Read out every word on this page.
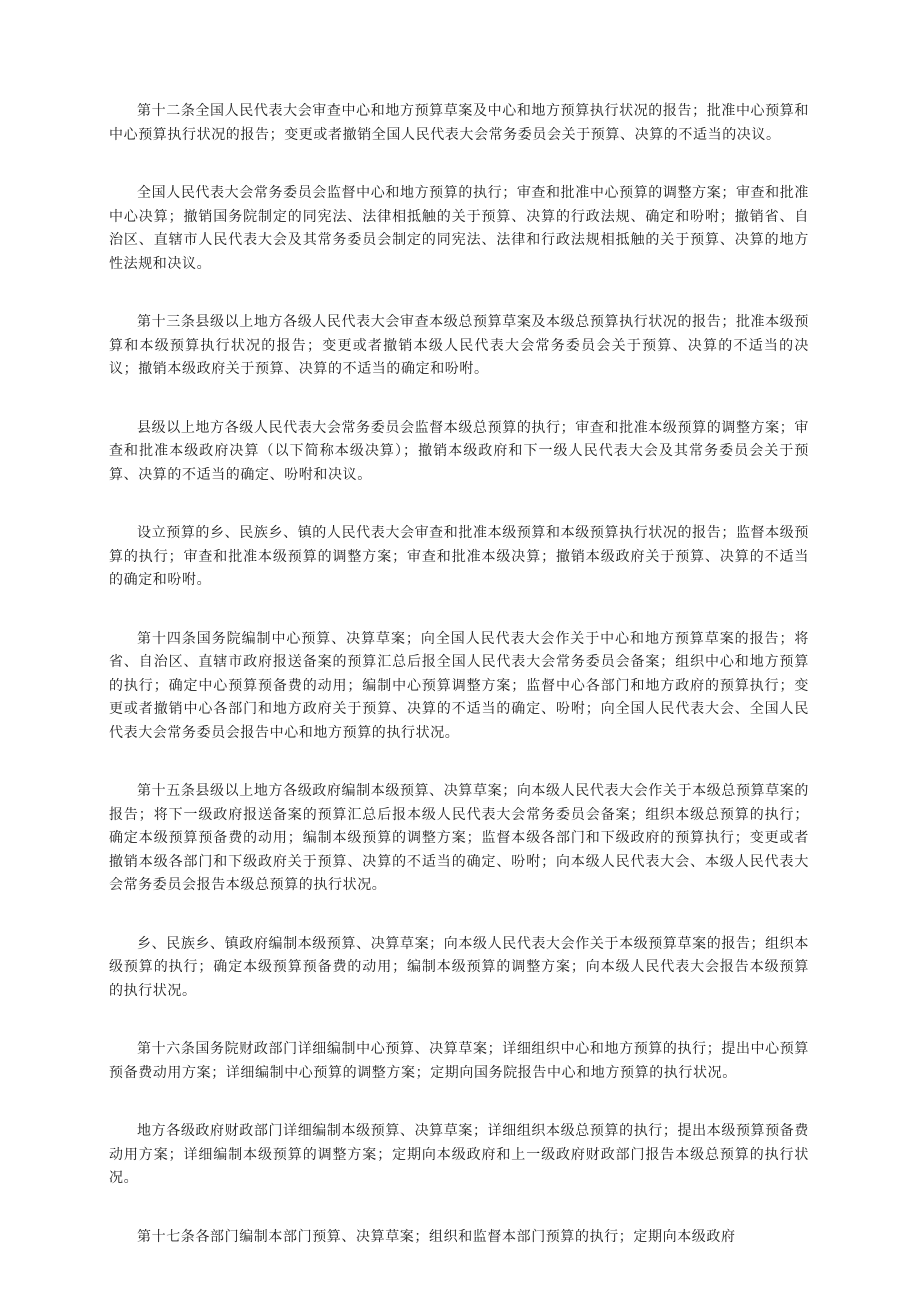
第十二条全国人民代表大会审查中心和地方预算草案及中心和地方预算执行状况的报告；批准中心预算和中心预算执行状况的报告；变更或者撤销全国人民代表大会常务委员会关于预算、决算的不适当的决议。

全国人民代表大会常务委员会监督中心和地方预算的执行；审查和批准中心预算的调整方案；审查和批准中心决算；撤销国务院制定的同宪法、法律相抵触的关于预算、决算的行政法规、确定和吩咐；撤销省、自治区、直辖市人民代表大会及其常务委员会制定的同宪法、法律和行政法规相抵触的关于预算、决算的地方性法规和决议。

第十三条县级以上地方各级人民代表大会审查本级总预算草案及本级总预算执行状况的报告；批准本级预算和本级预算执行状况的报告；变更或者撤销本级人民代表大会常务委员会关于预算、决算的不适当的决议；撤销本级政府关于预算、决算的不适当的确定和吩咐。

县级以上地方各级人民代表大会常务委员会监督本级总预算的执行；审查和批准本级预算的调整方案；审查和批准本级政府决算（以下简称本级决算）；撤销本级政府和下一级人民代表大会及其常务委员会关于预算、决算的不适当的确定、吩咐和决议。

设立预算的乡、民族乡、镇的人民代表大会审查和批准本级预算和本级预算执行状况的报告；监督本级预算的执行；审查和批准本级预算的调整方案；审查和批准本级决算；撤销本级政府关于预算、决算的不适当的确定和吩咐。

第十四条国务院编制中心预算、决算草案；向全国人民代表大会作关于中心和地方预算草案的报告；将省、自治区、直辖市政府报送备案的预算汇总后报全国人民代表大会常务委员会备案；组织中心和地方预算的执行；确定中心预算预备费的动用；编制中心预算调整方案；监督中心各部门和地方政府的预算执行；变更或者撤销中心各部门和地方政府关于预算、决算的不适当的确定、吩咐；向全国人民代表大会、全国人民代表大会常务委员会报告中心和地方预算的执行状况。

第十五条县级以上地方各级政府编制本级预算、决算草案；向本级人民代表大会作关于本级总预算草案的报告；将下一级政府报送备案的预算汇总后报本级人民代表大会常务委员会备案；组织本级总预算的执行；确定本级预算预备费的动用；编制本级预算的调整方案；监督本级各部门和下级政府的预算执行；变更或者撤销本级各部门和下级政府关于预算、决算的不适当的确定、吩咐；向本级人民代表大会、本级人民代表大会常务委员会报告本级总预算的执行状况。

乡、民族乡、镇政府编制本级预算、决算草案；向本级人民代表大会作关于本级预算草案的报告；组织本级预算的执行；确定本级预算预备费的动用；编制本级预算的调整方案；向本级人民代表大会报告本级预算的执行状况。

第十六条国务院财政部门详细编制中心预算、决算草案；详细组织中心和地方预算的执行；提出中心预算预备费动用方案；详细编制中心预算的调整方案；定期向国务院报告中心和地方预算的执行状况。

地方各级政府财政部门详细编制本级预算、决算草案；详细组织本级总预算的执行；提出本级预算预备费动用方案；详细编制本级预算的调整方案；定期向本级政府和上一级政府财政部门报告本级总预算的执行状况。

第十七条各部门编制本部门预算、决算草案；组织和监督本部门预算的执行；定期向本级政府
